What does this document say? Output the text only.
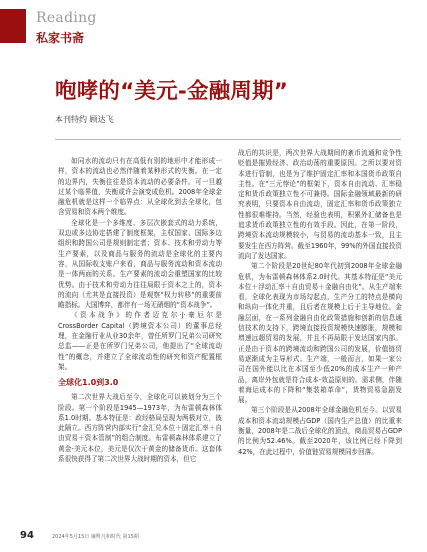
Reading
私家书斋
咆哮的“美元-金融周期”
本刊特约 顾达飞

如同水的流动只有在高低有别的地形中才能形成一样，资本的流动也必然伴随着某种形式的失衡。在一定的边界内，失衡往往是资本流动的必要条件。可一旦越过某个临界值，失衡或许会演变成危机。2008年全球金融危机就是这样一个临界点：从全球化到去全球化，包含贸易和资本两个维度。

全球化是一个多维度、多层次嵌套式的动力系统，双边或多边协定搭建了制度框架，主权国家、国际多边组织和跨国公司是规则制定者；资本、技术和劳动力等生产要素，以及商品与服务的流动是全球化的主要内容，从国际收支账户来看，商品与服务流动和资本流动是一体两面的关系。生产要素的流动会重塑国家的比较优势。由于技术和劳动力往往局限于资本之上的，资本的流向（尤其是直接投资）是观察“权力转移”的重要前瞻指标。大国博弈，都伴有一场无硝烟的“资本战争”。

《资本战争》的作者迈克尔·J·豪厄尔是CrossBorder Capital（跨境资本公司）的董事总经理，在金融行业从业30余年，曾任所罗门兄弟公司研究总监——正是在所罗门兄弟公司，他提出了“全球流动性”的概念，并建立了全球流动性的研究和资产配置框架。

全球化1.0到3.0

第二次世界大战后至今，全球化可以被划分为三个阶段。第一个阶段是1945—1973年，为布雷顿森林体系1.0时期。基本特征是：政经格局呈现为两极对立，彼此隔立。西方阵营内部实行“金汇兑本位＋固定汇率＋自由贸易＋资本管制”的组合制度。布雷顿森林体系建立了黄金-美元本位，美元是仅次于黄金的储备货币。这套体系很快获得了第二次世界大战时期的资本，但它

战后的共识是，两次世界大战期间的紊币流通和竞争性贬值是摧毁经济、政治动荡的重要原因。之所以要对资本进行管制，也是为了维护固定汇率和本国货币政策自主性。在“三元悖论”的框架下，资本自由流动、汇率稳定和货币政策独立性不可兼得。国际金融领域最新的研究表明，只要资本自由流动，固定汇率和货币政策独立性都很难维持。当然，经验也表明，积累外汇储备也是追求货币政策独立性的有效手段。因此，在第一阶段，跨境资本流动规模较小，与贸易的流动基本一致，且主要发生在西方阵营。截至1960年，99%的外国直接投资流向了发达国家。

第二个阶段是20世纪80年代初到2008年全球金融危机，为布雷顿森林体系2.0时代。其基本特征是“美元本位＋浮动汇率＋自由贸易＋金融自由化”。从生产端来看，全球化表现为市场勾起点，生产分工的特点是横向和纵向一体化并重，且后者在规模上后于主导地位。金融层面，在一系列金融自由化政策措施和创新的信息通信技术的支持下，跨境直接投资规模快速膨胀，规模和增速远超贸易的发展，并且不再局限于发达国家内部。正是由于资本的跨境流动和跨国公司的发展，价值链贸易逐渐成为主导形式。生产端，一般而言，如果一家公司在国外能以比在本国至少低20%的成本生产一种产品，离岸外包就是符合成本-效益原则的。需求侧，伴随着海运成本的下降和“集装箱革命”，货物贸易急剧发展。

第三个阶段是从2008年全球金融危机至今。以贸易成本和资本流动规模占GDP（国内生产总值）的比重来衡量，2008年是二战后全球化的顶点，商品贸易占GDP的比例为52.46%。截至2020年，该比例已经下降到42%，在此过程中，价值链贸易规模同步回落。

94	2024年5月15日 廉释凡和时代 第15期
